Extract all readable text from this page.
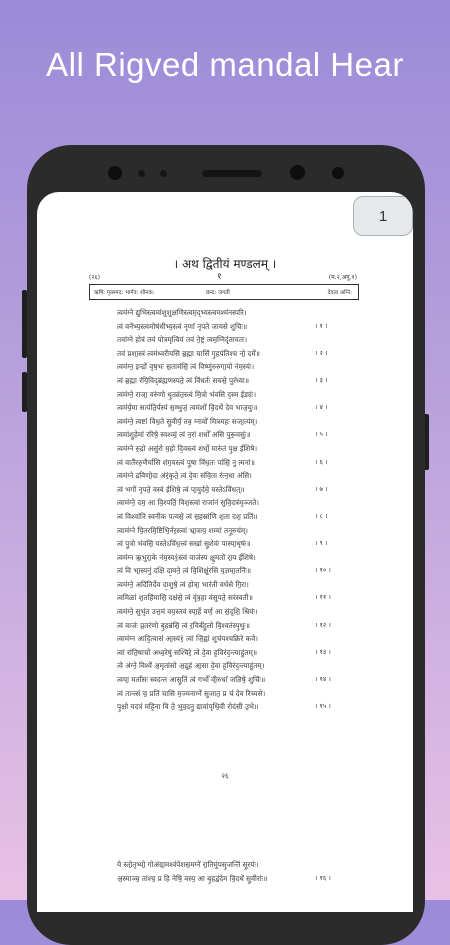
All Rigved mandal Hear
1
। अथ द्वितीयं मण्डलम् ।
(२६)	१	(म.२,अनु.१)
ऋषि: गृत्समद: भार्गव: शौनक:	छन्द: जगती	देवता अग्नि:
त्वम॑ग्ने द्युभिस्त्वमा॑शुशुक्षणिस्त्वम॒द्भ्यस्त्वमश्म॑नस्परि।
त्वं वने॑भ्य॒स्त्वमोष॑धीभ्य॒स्त्वं नृणां॑ नृपते जायसे शुचिः॥	। १ ।
तवा॑ग्ने होत्रं तव॑ पोत्रमृत्वियं तव॑ ने॒ष्ट्रं त्वम॒ग्निदृ॑तायतः।
तव॑ प्रशा॒स्त्रं त्वम॑ध्वरीयसि ब्र॒ह्मा चासि॑ गृ॒हप॑तिश्च नो॒ दमे॑॥	। २ ।
त्वम॑ग्न॒ इन्द्रो॑ वृष॒भः स॒ताम॑सि॒ त्वं विष्णु॑रुरुगा॒यो न॑म॒स्यः॑।
त्वं ब्र॒ह्मा र॑यि॒विद्ब्र॑ह्मणस्पते॒ त्वं वि॑धर्तः सचसे॒ पुरं॑ध्या॥	। ३ ।
त्वम॑ग्ने॒ राजा॒ वरु॑णो धृ॒तव्र॑त॒स्त्वं मि॒त्रो भ॑वसि द॒स्म ईड्यः॑।
त्वम॑र्य॒मा सत्प॑ति॒र्यस्य॑ स॒म्भुजं॒ त्वमंशो॑ वि॒दथे॑ देव भाज॒युः॥	। ४ ।
त्वम॑ग्ने॒ त्वष्टा॑ विध॒ते सु॒वीर्यं॒ तव॒ ग्नावो॑ मित्रमहः सजा॒त्य॑म्।
त्वमा॑शु॒हेमा॑ ररिषे॒ स्वश्व्यं॒ त्वं न॒रां शर्धो॑ असि पुरू॒वसुः॑॥	। ५ ।
त्वम॑ग्ने रु॒द्रो असु॑रो म॒हो दि॒वस्त्वं शर्धो॒ मारु॑तं पृ॒क्ष ई॑शिषे।
त्वं वातै॑ररु॒णैर्या॑सि शंग॒यस्त्वं पू॒षा वि॑ध॒तः पा॑सि॒ नु त्मना॑॥	। ६ ।
त्वम॑ग्ने द्रविणो॒दा अ॑रं॒कृते॒ त्वं दे॒वः स॑वि॒ता र॑त्न॒धा अ॑सि।
त्वं भगो॑ नृपते॒ वस्व॑ ईशिषे॒ त्वं पा॒युर्दमे॒ यस्तेऽवि॑धत्॥	। ७ ।
त्वाम॑ग्ने॒ दम॒ आ वि॒श्पतिं॒ विश॒स्त्वां राजा॑नं सुवि॒दत्र॑मृञ्जते।
त्वं विश्वा॑नि स्वनीक पत्यसे॒ त्वं स॒हस्रा॑णि श॒ता दश॒ प्रति॑॥	। ८ ।
त्वाम॑ग्ने पि॒तरमि॒ष्टिभि॒र्नर॒स्त्वां भ्रा॒त्राय॒ शम्या॑ तनू॒रुच॑म्।
त्वं पु॒त्रो भ॑वसि॒ यस्तेऽवि॑ध॒त्त्वं सखा॑ सु॒शेवः॑ पास्या॒धृषः॑॥	। ९ ।
त्वम॑ग्न ऋ॒भुरा॒के न॑म॒स्य१॒॑स्त्वं वाज॑स्य क्षु॒मतो॑ रा॒य ई॑शिषे।
त्वं वि भा॒स्यनु॑ दक्षि दा॒वने॒ त्वं वि॒शिक्षु॑रसि य॒ज्ञमा॒तनिः॑॥	। १० ।
त्वम॑ग्ने॒ अदि॑तिर्देव दा॒शुषे॒ त्वं होत्रा॒ भार॑ती वर्धसे गि॒रा।
त्वमिळा॑ श॒तहि॑मासि॒ दक्ष॑से॒ त्वं वृ॑त्र॒हा व॑सुपते॒ सर॑स्वती॥	। ११ ।
त्वम॑ग्ने॒ सुभृ॑त उत्त॒मं वय॒स्तव॑ स्पा॒र्हे वर्ण॒ आ सं॒दृशि॒ श्रियः॑।
त्वं वाजः॑ प्र॒तर॑णो बृ॒हन्न॑सि॒ त्वं र॒यिर्ब॑हु॒लो वि॒श्वत॑स्पृ॒थुः॥	। १२ ।
त्वाम॑ग्न आदि॒त्यास॑ आ॒स्यं१॒॑ त्वां जि॒ह्वां शुच॑यश्चक्रिरे कवे।
त्वां रा॑ति॒षाचो॑ अध्व॒रेषु॑ सश्चिरे॒ त्वे दे॒वा ह॒विर॑द॒न्त्याहु॑तम्॥	। १३ ।
त्वे अ॑ग्ने॒ विश्वे॑ अ॒मृता॑सो अ॒द्रुह॑ आ॒सा दे॒वा ह॒विर॑द॒न्त्याहु॑तम्।
त्वया॒ मर्ता॑सः स्वदन्त आसु॒तिं त्वं गर्भो॑ वी॒रुधां॑ जज्ञिषे॒ शुचिः॑॥	। १४ ।
त्वं तान्त्सं च॒ प्रति॑ चासि म॒ज्मनाग्ने॑ सुजात॒ प्र च॑ देव रिच्यसे।
पृ॒क्षो यदत्र॑ महि॒ना वि ते॒ भुव॒दनु॒ द्यावा॑पृथि॒वी रोद॑सी उ॒भे॥	। १५ ।
२६
ये स्तो॒तृभ्यो॒ गोअ॑ग्रा॒मश्व॑पेशस॒मग्ने॑ रा॒तिमु॑पसृ॒जन्ति॑ सू॒रयः॑।
अ॒स्माञ्च॒ तांश्च॒ प्र हि नेषि॒ वस्य॒ आ बृ॒हद्व॑देम वि॒दथे॑ सु॒वीराः॑॥	। १६ ।
